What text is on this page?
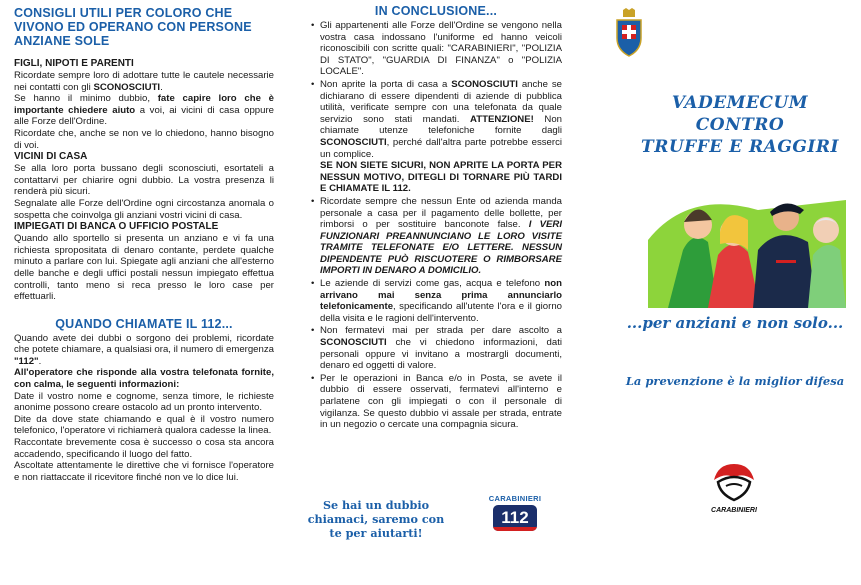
CONSIGLI UTILI PER COLORO CHE VIVONO ED OPERANO CON PERSONE ANZIANE SOLE
FIGLI, NIPOTI E PARENTI

Ricordate sempre loro di adottare tutte le cautele necessarie nei contatti con gli SCONOSCIUTI.

Se hanno il minimo dubbio, fate capire loro che è importante chiedere aiuto a voi, ai vicini di casa oppure alle Forze dell'Ordine.

Ricordate che, anche se non ve lo chiedono, hanno bisogno di voi.

VICINI DI CASA

Se alla loro porta bussano degli sconosciuti, esortateli a contattarvi per chiarire ogni dubbio. La vostra presenza li renderà più sicuri.

Segnalate alle Forze dell'Ordine ogni circostanza anomala o sospetta che coinvolga gli anziani vostri vicini di casa.

IMPIEGATI DI BANCA O UFFICIO POSTALE

Quando allo sportello si presenta un anziano e vi fa una richiesta spropositata di denaro contante, perdete qualche minuto a parlare con lui. Spiegate agli anziani che all'esterno delle banche e degli uffici postali nessun impiegato effettua controlli, tanto meno si reca presso le loro case per effettuarli.

QUANDO CHIAMATE IL 112...

Quando avete dei dubbi o sorgono dei problemi, ricordate che potete chiamare, a qualsiasi ora, il numero di emergenza "112".

All'operatore che risponde alla vostra telefonata fornite, con calma, le seguenti informazioni:

Date il vostro nome e cognome, senza timore, le richieste anonime possono creare ostacolo ad un pronto intervento.

Dite da dove state chiamando e qual è il vostro numero telefonico, l'operatore vi richiamerà qualora cadesse la linea.

Raccontate brevemente cosa è successo o cosa sta ancora accadendo, specificando il luogo del fatto.

Ascoltate attentamente le direttive che vi fornisce l'operatore e non riattaccate il ricevitore finché non ve lo dice lui.

IN CONCLUSIONE...
• Gli appartenenti alle Forze dell'Ordine se vengono nella vostra casa indossano l'uniforme ed hanno veicoli riconoscibili con scritte quali: "CARABINIERI", "POLIZIA DI STATO", "GUARDIA DI FINANZA" o "POLIZIA LOCALE".
• Non aprite la porta di casa a SCONOSCIUTI anche se dichiarano di essere dipendenti di aziende di pubblica utilità, verificate sempre con una telefonata da quale servizio sono stati mandati. ATTENZIONE! Non chiamate utenze telefoniche fornite dagli SCONOSCIUTI, perché dall'altra parte potrebbe esserci un complice.
SE NON SIETE SICURI, NON APRITE LA PORTA PER NESSUN MOTIVO, DITEGLI DI TORNARE PIÙ TARDI E CHIAMATE IL 112.
• Ricordate sempre che nessun Ente od azienda manda personale a casa per il pagamento delle bollette, per rimborsi o per sostituire banconote false. I VERI FUNZIONARI PREANNUNCIANO LE LORO VISITE TRAMITE TELEFONATE E/O LETTERE. NESSUN DIPENDENTE PUÒ RISCUOTERE O RIMBORSARE IMPORTI IN DENARO A DOMICILIO.
• Le aziende di servizi come gas, acqua e telefono non arrivano mai senza prima annunciarlo telefonicamente, specificando all'utente l'ora e il giorno della visita e le ragioni dell'intervento.
• Non fermatevi mai per strada per dare ascolto a SCONOSCIUTI che vi chiedono informazioni, dati personali oppure vi invitano a mostrargli documenti, denaro ed oggetti di valore.
• Per le operazioni in Banca e/o in Posta, se avete il dubbio di essere osservati, fermatevi all'interno e parlatene con gli impiegati o con il personale di vigilanza. Se questo dubbio vi assale per strada, entrate in un negozio o cercate una compagnia sicura.
Se hai un dubbio chiamaci, saremo con te per aiutarti!
CARABINIERI
112
VADEMECUM
CONTRO
TRUFFE E RAGGIRI
...per anziani e non solo...
La prevenzione è la miglior difesa
CARABINIERI
